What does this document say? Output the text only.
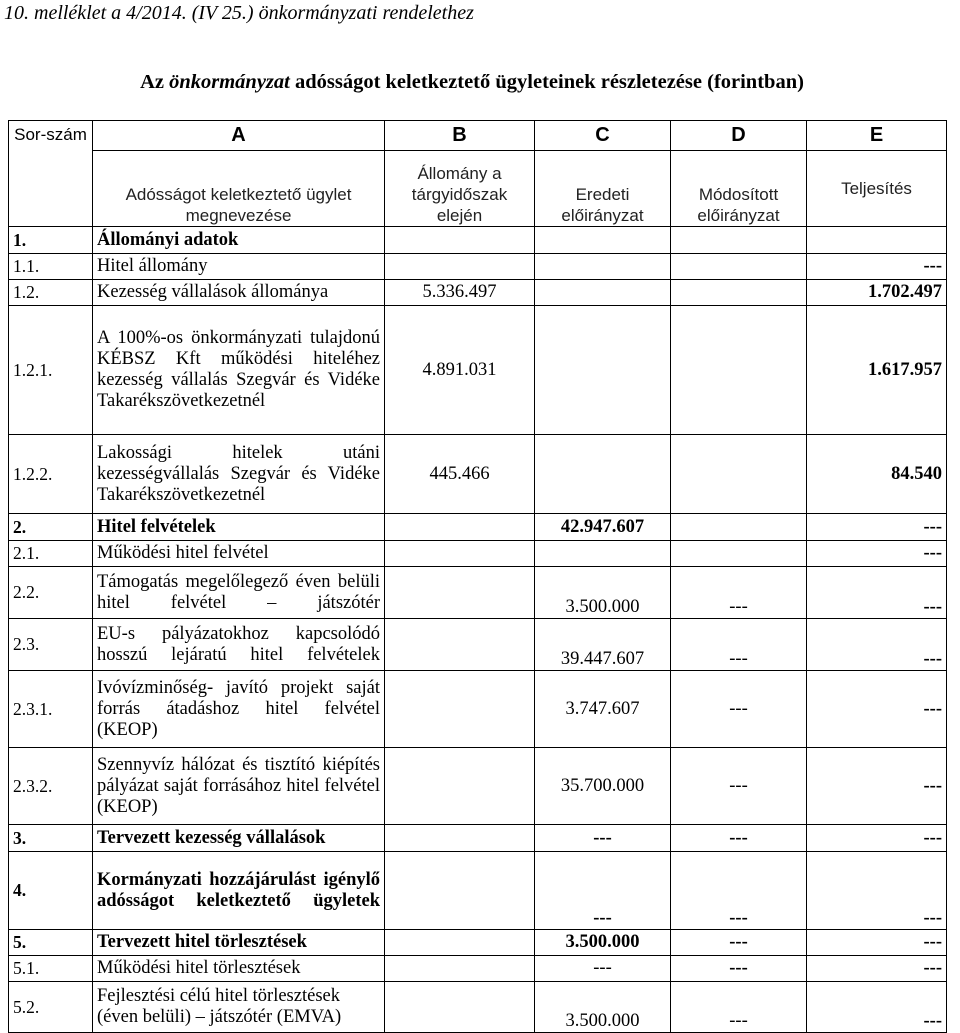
10. melléklet a 4/2014. (IV 25.) önkormányzati rendelethez
Az önkormányzat adósságot keletkeztető ügyleteinek részletezése (forintban)
Sor-szám	A	B	C	D	E
	Adósságot keletkeztető ügylet megnevezése	Állomány a tárgyidőszak elején	Eredeti előirányzat	Módosított előirányzat	Teljesítés
1.	Állományi adatok				
1.1.	Hitel állomány				---
1.2.	Kezesség vállalások állománya	5.336.497			1.702.497
1.2.1.	A 100%-os önkormányzati tulajdonú KÉBSZ Kft működési hiteléhez kezesség vállalás Szegvár és Vidéke Takarékszövetkezetnél	4.891.031			1.617.957
1.2.2.	Lakossági hitelek utáni kezességvállalás Szegvár és Vidéke Takarékszövetkezetnél	445.466			84.540
2.	Hitel felvételek		42.947.607		---
2.1.	Működési hitel felvétel				---
2.2.	Támogatás megelőlegező éven belüli hitel felvétel – játszótér		3.500.000	---	---
2.3.	EU-s pályázatokhoz kapcsolódó hosszú lejáratú hitel felvételek		39.447.607	---	---
2.3.1.	Ivóvízminőség- javító projekt saját forrás átadáshoz hitel felvétel (KEOP)		3.747.607	---	---
2.3.2.	Szennyvíz hálózat és tisztító kiépítés pályázat saját forrásához hitel felvétel (KEOP)		35.700.000	---	---
3.	Tervezett kezesség vállalások		---	---	---
4.	Kormányzati hozzájárulást igénylő adósságot keletkeztető ügyletek		---	---	---
5.	Tervezett hitel törlesztések		3.500.000	---	---
5.1.	Működési hitel törlesztések		---	---	---
5.2.	Fejlesztési célú hitel törlesztések (éven belüli) – játszótér (EMVA)		3.500.000	---	---
